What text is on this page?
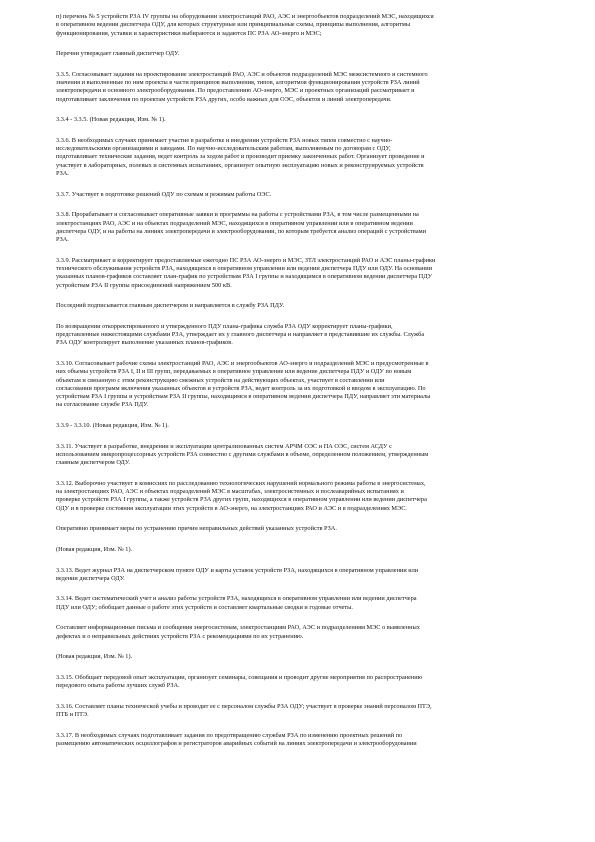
п) перечень № 5 устройств РЗА IV группы на оборудовании электростанций РАО, АЭС и энергообъектов подразделений МЭС, находящихся
в оперативном ведении диспетчера ОДУ, для которых структурные или принципиальные схемы, принципы выполнения, алгоритмы
функционирования, уставки и характеристики выбираются и задаются ПС РЗА АО-энерго и МЭС;
Перечни утверждает главный диспетчер ОДУ.
3.3.5. Согласовывает задания на проектирование электростанций РАО, АЭС и объектов подразделений МЭС межсистемного и системного
значения и выполненные по ним проекты в части принципов выполнения, типов, алгоритмов функционирования устройств РЗА линий
электропередачи и основного электрооборудования. По предоставлению АО-энерго, МЭС и проектных организаций рассматривает и
подготавливает заключения по проектам устройств РЗА других, особо важных для ОЭС, объектов и линий электропередачи.
3.3.4 - 3.3.5. (Новая редакция, Изм. № 1).
3.3.6. В необходимых случаях принимает участие в разработке и внедрении устройств РЗА новых типов совместно с научно-
исследовательскими организациями и заводами. По научно-исследовательским работам, выполняемым по договорам с ОДУ,
подготавливает технические задания, ведет контроль за ходом работ и производит приемку законченных работ. Организует проведение и
участвует в лабораторных, полевых и системных испытаниях, организует опытную эксплуатацию новых и реконструируемых устройств
РЗА.
3.3.7. Участвует в подготовке решений ОДУ по схемам и режимам работы ОЭС.
3.3.8. Пpорабатывает и согласовывает оперативные заявки и программы на работы с устройствами РЗА, в том числе размещенными на
электростанциях РАО, АЭС и на объектах подразделений МЭС, находящихся в оперативном управлении или в оперативном ведении
диспетчера ОДУ, и на работы на линиях электропередачи и электрооборудовании, по которым требуется анализ операций с устройствами
РЗА.
3.3.9. Рассматривает и корректирует предоставляемые ежегодно ПС РЗА АО-энерго и МЭС, ЗТЛ электростанций РАО и АЭС планы-графики
технического обслуживания устройств РЗА, находящихся в оперативном управлении или ведении диспетчера ПДУ или ОДУ. На основании
указанных планов-графиков составляет план-график по устройствам РЗА I группы и находящимся в оперативном ведении диспетчера ПДУ
устройствам РЗА II группы присоединений напряжением 500 кВ.
Последний подписывается главным диспетчером и направляется в службу РЗА ПДУ.
По возвращении откорректированного и утвержденного ПДУ плана-графика служба РЗА ОДУ корректирует планы-графики,
представленные нижестоящими службами РЗА, утверждает их у главного диспетчера и направляет в представившие их службы. Служба
РЗА ОДУ контролирует выполнение указанных планов-графиков.
3.3.10. Согласовывает рабочие схемы электростанций РАО, АЭС и энергообъектов АО-энерго и подразделений МЭС и предусмотренные в
них объемы устройств РЗА I, II и III групп, передаваемых в оперативное управление или ведение диспетчера ПДУ и ОДУ по новым
объектам и связанную с этим реконструкцию смежных устройств на действующих объектах, участвует в составлении или
согласовании программ включения указанных объектов и устройств РЗА, ведет контроль за их подготовкой и вводом в эксплуатацию. По
устройствам РЗА I группы и устройствам РЗА II группы, находящимся в оперативном ведении диспетчера ПДУ, направляет эти материалы
на согласование службе РЗА ПДУ.
3.3.9 - 3.3.10. (Новая редакция, Изм. № 1).
3.3.11. Участвует в разработке, внедрении и эксплуатации централизованных систем АРЧМ ОЭС и ПА ОЭС, систем АСДУ с
использованием микропроцессорных устройств РЗА совместно с другими службами в объеме, определенном положением, утвержденным
главным диспетчером ОДУ.
3.3.12. Выборочно участвует в комиссиях по расследованию технологических нарушений нормального режима работы в энергосистемах,
на электростанциях РАО, АЭС и объектах подразделений МЭС в масштабах, электросистемных и послеаварийных испытаниях и
проверке устройств РЗА I группы, а также устройств РЗА других групп, находящихся в оперативном управлении или ведении диспетчера
ОДУ и в проверке состояния эксплуатации этих устройств в АО-энерго, на электростанциях РАО и АЭС и в подразделениях МЭС.
Оперативно принимает меры по устранению причин неправильных действий указанных устройств РЗА.
(Новая редакция, Изм. № 1).
3.3.13. Ведет журнал РЗА на диспетчерском пункте ОДУ и карты уставок устройств РЗА, находящихся в оперативном управлении или
ведении диспетчера ОДУ.
3.3.14. Ведет систематический учет и анализ работы устройств РЗА, находящихся в оперативном управлении или ведении диспетчера
ПДУ или ОДУ; обобщает данные о работе этих устройств и составляет квартальные сводки и годовые отчеты.
Составляет информационные письма и сообщения энергосистемам, электростанциям РАО, АЭС и подразделениям МЭС о выявленных
дефектах и о неправильных действиях устройств РЗА с рекомендациями по их устранению.
(Новая редакция, Изм. № 1).
3.3.15. Обобщает передовой опыт эксплуатации, организует семинары, совещания и проводит другие мероприятия по распространению
передового опыта работы лучших служб РЗА.
3.3.16. Составляет планы технической учебы и проводит ее с персоналом службы РЗА ОДУ; участвует в проверке знаний персоналом ПТЭ,
ПТБ и ПТЭ.
3.3.17. В необходимых случаях подготавливает задания по предотвращению службам РЗА по изменению проектных решений по
размещению автоматических осциллографов и регистраторов аварийных событий на линиях электропередачи и электрооборудовании
